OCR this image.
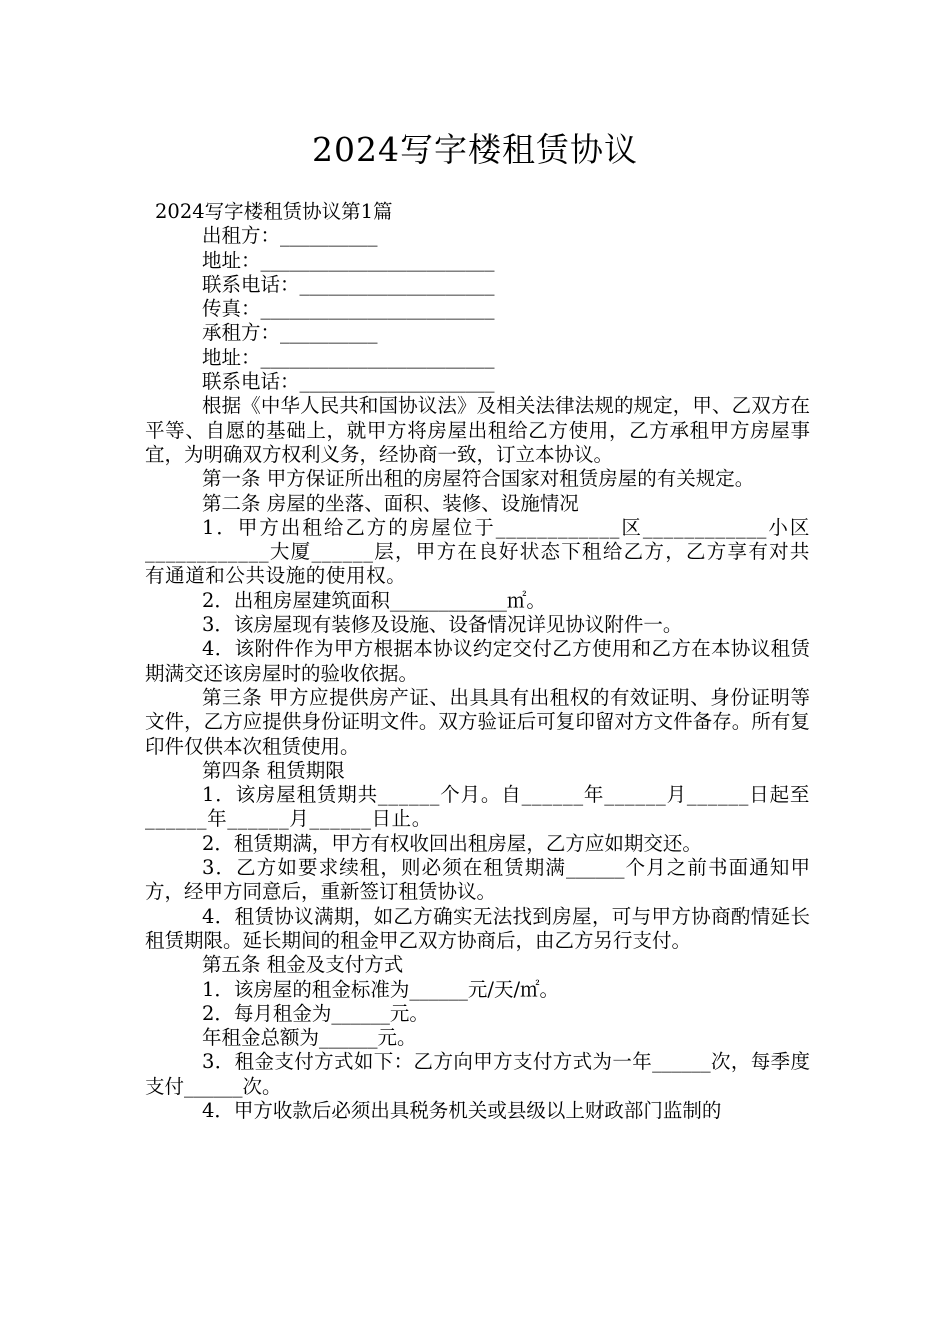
2024写字楼租赁协议
2024写字楼租赁协议第1篇
出租方：__________
地址：________________________
联系电话：____________________
传真：________________________
承租方：__________
地址：________________________
联系电话：____________________
根据《中华人民共和国协议法》及相关法律法规的规定，甲、乙双方在平等、自愿的基础上，就甲方将房屋出租给乙方使用，乙方承租甲方房屋事宜，为明确双方权利义务，经协商一致，订立本协议。
第一条 甲方保证所出租的房屋符合国家对租赁房屋的有关规定。
第二条 房屋的坐落、面积、装修、设施情况
1．甲方出租给乙方的房屋位于____________区____________小区____________大厦______层，甲方在良好状态下租给乙方，乙方享有对共有通道和公共设施的使用权。
2．出租房屋建筑面积____________㎡。
3．该房屋现有装修及设施、设备情况详见协议附件一。
4．该附件作为甲方根据本协议约定交付乙方使用和乙方在本协议租赁期满交还该房屋时的验收依据。
第三条 甲方应提供房产证、出具具有出租权的有效证明、身份证明等文件，乙方应提供身份证明文件。双方验证后可复印留对方文件备存。所有复印件仅供本次租赁使用。
第四条 租赁期限
1．该房屋租赁期共______个月。自______年______月______日起至______年______月______日止。
2．租赁期满，甲方有权收回出租房屋，乙方应如期交还。
3．乙方如要求续租，则必须在租赁期满______个月之前书面通知甲方，经甲方同意后，重新签订租赁协议。
4．租赁协议满期，如乙方确实无法找到房屋，可与甲方协商酌情延长租赁期限。延长期间的租金甲乙双方协商后，由乙方另行支付。
第五条 租金及支付方式
1．该房屋的租金标准为______元/天/㎡。
2．每月租金为______元。
年租金总额为______元。
3．租金支付方式如下：乙方向甲方支付方式为一年______次，每季度支付______次。
4．甲方收款后必须出具税务机关或县级以上财政部门监制的
